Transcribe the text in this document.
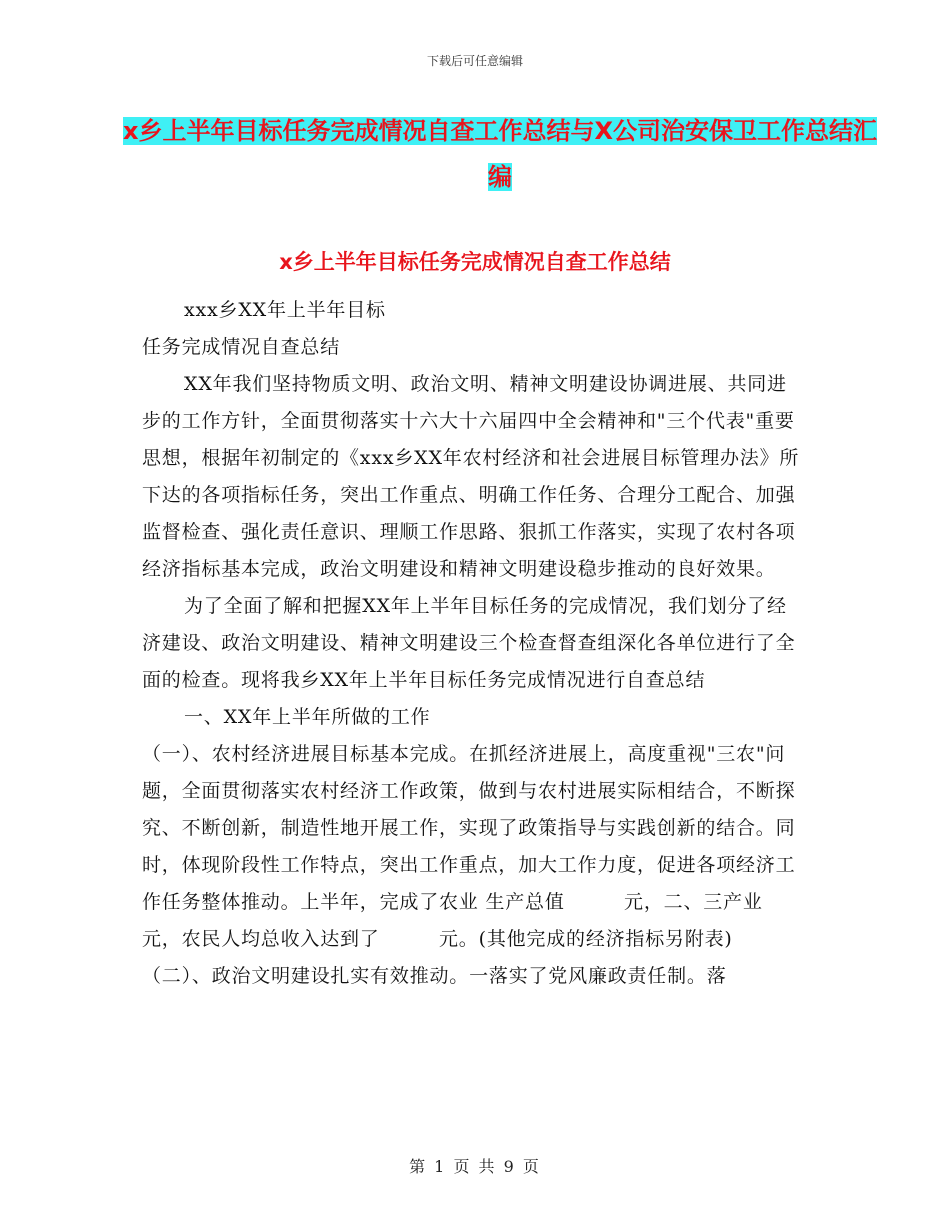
下载后可任意编辑
x乡上半年目标任务完成情况自查工作总结与X公司治安保卫工作总结汇编
x乡上半年目标任务完成情况自查工作总结

xxx乡XX年上半年目标

任务完成情况自查总结

XX年我们坚持物质文明、政治文明、精神文明建设协调进展、共同进步的工作方针，全面贯彻落实十六大十六届四中全会精神和"三个代表"重要思想，根据年初制定的《xxx乡XX年农村经济和社会进展目标管理办法》所下达的各项指标任务，突出工作重点、明确工作任务、合理分工配合、加强监督检查、强化责任意识、理顺工作思路、狠抓工作落实，实现了农村各项经济指标基本完成，政治文明建设和精神文明建设稳步推动的良好效果。

为了全面了解和把握XX年上半年目标任务的完成情况，我们划分了经济建设、政治文明建设、精神文明建设三个检查督查组深化各单位进行了全面的检查。现将我乡XX年上半年目标任务完成情况进行自查总结

一、XX年上半年所做的工作

（一）、农村经济进展目标基本完成。在抓经济进展上，高度重视"三农"问题，全面贯彻落实农村经济工作政策，做到与农村进展实际相结合，不断探究、不断创新，制造性地开展工作，实现了政策指导与实践创新的结合。同时，体现阶段性工作特点，突出工作重点，加大工作力度，促进各项经济工作任务整体推动。上半年，完成了农业 生产总值　　　元，二、三产业　　　元，农民人均总收入达到了　　　元。(其他完成的经济指标另附表)

（二）、政治文明建设扎实有效推动。一落实了党风廉政责任制。落

第 1 页 共 9 页
